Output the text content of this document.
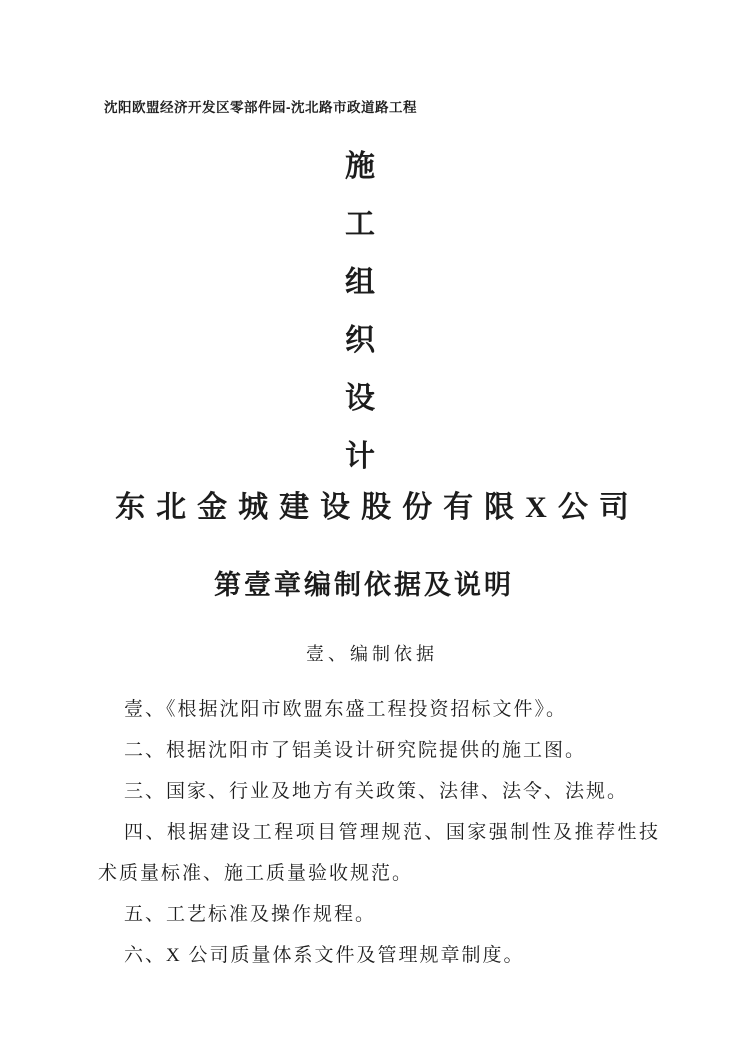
沈阳欧盟经济开发区零部件园-沈北路市政道路工程
施
工
组
织
设
计
东北金城建设股份有限X公司
第壹章编制依据及说明
壹、编制依据

壹、《根据沈阳市欧盟东盛工程投资招标文件》。

二、根据沈阳市了铝美设计研究院提供的施工图。

三、国家、行业及地方有关政策、法律、法令、法规。

四、根据建设工程项目管理规范、国家强制性及推荐性技术质量标准、施工质量验收规范。

五、工艺标准及操作规程。

六、X 公司质量体系文件及管理规章制度。
